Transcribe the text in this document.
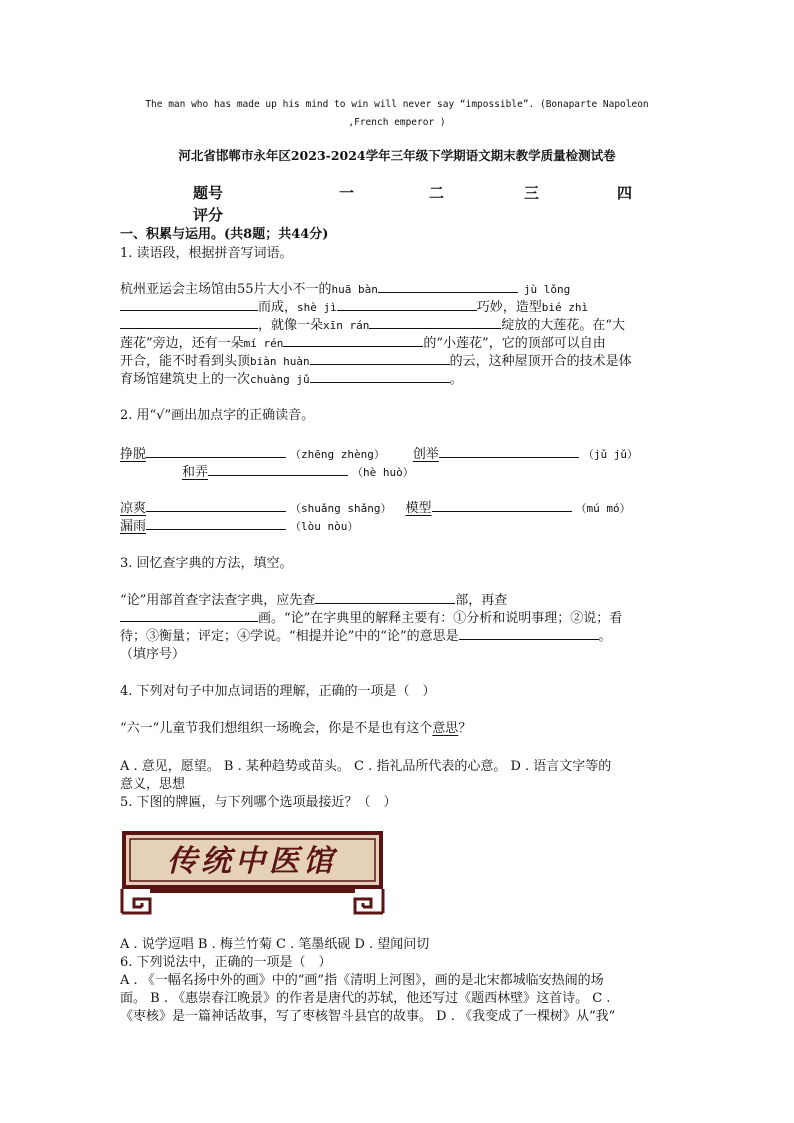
The man who has made up his mind to win will never say “impossible”. (Bonaparte Napoleon ,French emperor )
河北省邯郸市永年区2023-2024学年三年级下学期语文期末教学质量检测试卷
题号	一	二	三	四
评分
一、积累与运用。(共8题；共44分)
1. 读语段，根据拼音写词语。
杭州亚运会主场馆由55片大小不一的huā bàn	jù lǒng
而成，shè jì	巧妙，造型bié zhì
，就像一朵xīn rán	绽放的大莲花。在“大
莲花”旁边，还有一朵mí rén	的“小莲花”，它的顶部可以自由
开合，能不时看到头顶biàn huàn	的云，这种屋顶开合的技术是体
育场馆建筑史上的一次chuàng jǔ	。
2. 用“√”画出加点字的正确读音。
挣脱	（zhēng zhèng） 创举	（jǔ jǔ）
和弄	（hè huò）
凉爽	（shuǎng shǎng） 模型	（mú mó）
漏雨	（lòu nòu）
3. 回忆查字典的方法，填空。
“论”用部首查字法查字典，应先查	部，再查
画。“论”在字典里的解释主要有：①分析和说明事理；②说；看
待；③衡量；评定；④学说。“相提并论”中的“论”的意思是	。
（填序号）
4. 下列对句子中加点词语的理解，正确的一项是（　）
“六一”儿童节我们想组织一场晚会，你是不是也有这个意思？
A . 意见，愿望。 B . 某种趋势或苗头。 C . 指礼品所代表的心意。 D . 语言文字等的
意义，思想
5. 下图的牌匾，与下列哪个选项最接近？（　）
传统中医馆
A . 说学逗唱 B . 梅兰竹菊 C . 笔墨纸砚 D . 望闻问切
6. 下列说法中，正确的一项是（　）
A . 《一幅名扬中外的画》中的“画”指《清明上河图》，画的是北宋都城临安热闹的场
面。 B . 《惠崇春江晚景》的作者是唐代的苏轼，他还写过《题西林壁》这首诗。 C .
《枣核》是一篇神话故事，写了枣核智斗县官的故事。 D . 《我变成了一棵树》从“我”
